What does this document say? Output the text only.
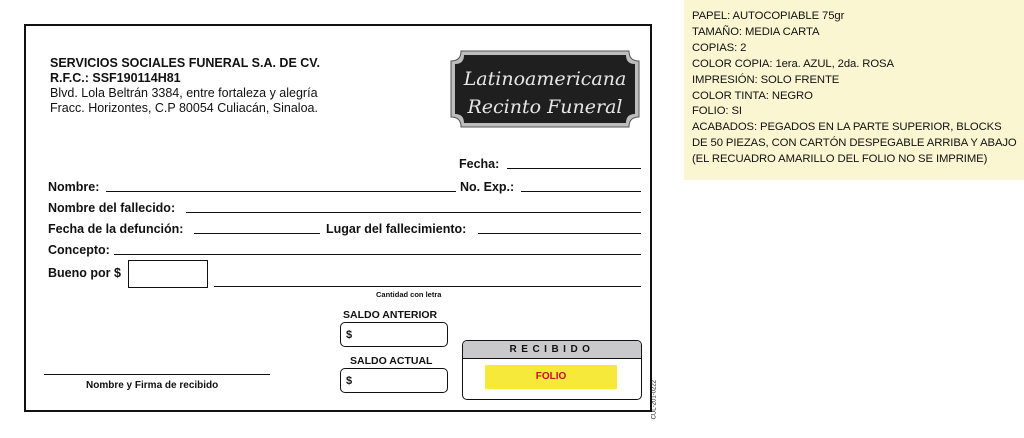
SERVICIOS SOCIALES FUNERAL S.A. DE CV.
R.F.C.: SSF190114H81
Blvd. Lola Beltrán 3384, entre fortaleza y alegría
Fracc. Horizontes, C.P 80054 Culiacán, Sinaloa.
Latinoamericana
Recinto Funeral
Fecha:
Nombre:	No. Exp.:
Nombre del fallecido:
Fecha de la defunción:	Lugar del fallecimiento:
Concepto:
Bueno por $
Cantidad con letra
SALDO ANTERIOR
$
SALDO ACTUAL
$
RECIBIDO
FOLIO
Nombre y Firma de recibido	CUL-201-0222
PAPEL: AUTOCOPIABLE 75gr
TAMAÑO: MEDIA CARTA
COPIAS: 2
COLOR COPIA: 1era. AZUL, 2da. ROSA
IMPRESIÓN: SOLO FRENTE
COLOR TINTA: NEGRO
FOLIO: SI
ACABADOS: PEGADOS EN LA PARTE SUPERIOR, BLOCKS
DE 50 PIEZAS, CON CARTÓN DESPEGABLE ARRIBA Y ABAJO
(EL RECUADRO AMARILLO DEL FOLIO NO SE IMPRIME)
